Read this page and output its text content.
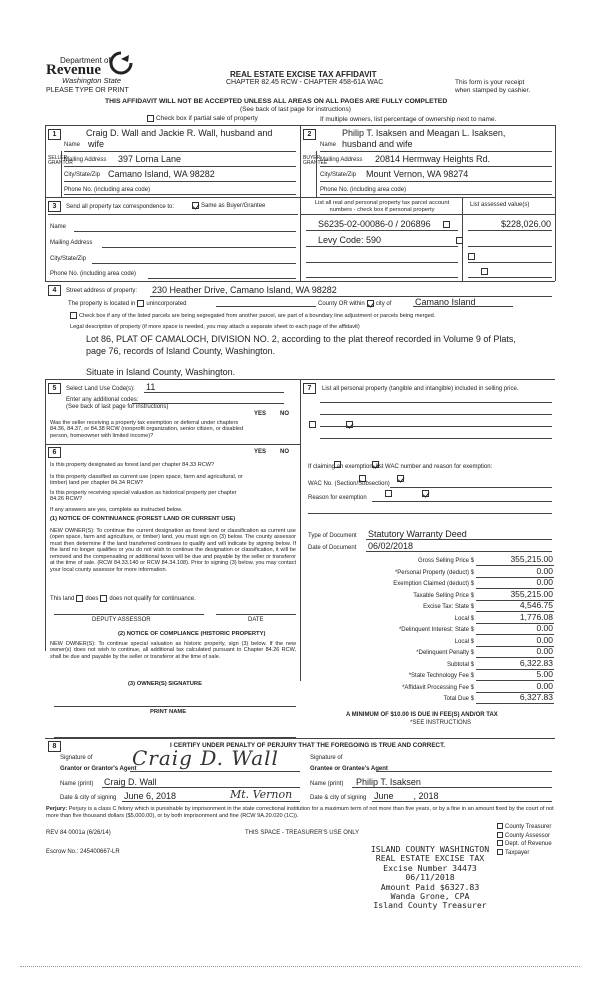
Department of
Revenue
Washington State
PLEASE TYPE OR PRINT
REAL ESTATE EXCISE TAX AFFIDAVIT
CHAPTER 82.45 RCW - CHAPTER 458-61A WAC	This form is your receipt
when stamped by cashier.
THIS AFFIDAVIT WILL NOT BE ACCEPTED UNLESS ALL AREAS ON ALL PAGES ARE FULLY COMPLETED
(See back of last page for instructions)
Check box if partial sale of property	If multiple owners, list percentage of ownership next to name.
1
SELLER GRANTOR
Craig D. Wall and Jackie R. Wall, husband and
Name wife
Mailing Address 397 Lorna Lane
City/State/Zip Camano Island, WA 98282
Phone No. (including area code)
2
BUYER GRANTEE
Philip T. Isaksen and Meagan L. Isaksen,
Name husband and wife
Mailing Address 20814 Hermway Heights Rd.
City/State/Zip Mount Vernon, WA 98274
Phone No. (including area code)
3	Send all property tax correspondence to:	Same as Buyer/Grantee
Name
Mailing Address
City/State/Zip
Phone No. (including area code)
List all real and personal property tax parcel account numbers - check box if personal property
List assessed value(s)
S6235-02-00086-0 / 206896	$228,026.00
Levy Code: 590

4	Street address of property: 230 Heather Drive, Camano Island, WA 98282
The property is located in unincorporated	County OR within city of	Camano Island
Check box if any of the listed parcels are being segregated from another parcel, are part of a boundary line adjustment or parcels being merged.
Legal description of property (if more space is needed, you may attach a separate sheet to each page of the affidavit)
Lot 86, PLAT OF CAMALOCH, DIVISION NO. 2, according to the plat thereof recorded in Volume 9 of Plats,
page 76, records of Island County, Washington.
Situate in Island County, Washington.
5	Select Land Use Code(s): 11
Enter any additional codes:
(See back of last page for instructions)
YES NO
Was the seller receiving a property tax exemption or deferral under chapters 84.36, 84.37, or 84.38 RCW (nonprofit organization, senior citizen, or disabled person, homeowner with limited income)?

6	YES NO
Is this property designated as forest land per chapter 84.33 RCW?

Is this property classified as current use (open space, farm and agricultural, or timber) land per chapter 84.34 RCW?

Is this property receiving special valuation as historical property per chapter 84.26 RCW?

If any answers are yes, complete as instructed below.
(1) NOTICE OF CONTINUANCE (FOREST LAND OR CURRENT USE)
NEW OWNER(S): To continue the current designation as forest land or classification as current use (open space, farm and agriculture, or timber) land, you must sign on (3) below. The county assessor must then determine if the land transferred continues to qualify and will indicate by signing below. If the land no longer qualifies or you do not wish to continue the designation or classification, it will be removed and the compensating or additional taxes will be due and payable by the seller or transferor at the time of sale. (RCW 84.33.140 or RCW 84.34.108). Prior to signing (3) below, you may contact your local county assessor for more information.
This land does does not qualify for continuance.
DEPUTY ASSESSOR	DATE
(2) NOTICE OF COMPLIANCE (HISTORIC PROPERTY)
NEW OWNER(S): To continue special valuation as historic property, sign (3) below. If the new owner(s) does not wish to continue, all additional tax calculated pursuant to Chapter 84.26 RCW, shall be due and payable by the seller or transferor at the time of sale.
(3) OWNER(S) SIGNATURE
PRINT NAME
7	List all personal property (tangible and intangible) included in selling price.
If claiming an exemption, list WAC number and reason for exemption:
WAC No. (Section/Subsection)
Reason for exemption
Type of Document Statutory Warranty Deed
Date of Document 06/02/2018
Gross Selling Price $	355,215.00
*Personal Property (deduct) $	0.00
Exemption Claimed (deduct) $	0.00
Taxable Selling Price $	355,215.00
Excise Tax: State $	4,546.75
Local $	1,776.08
*Delinquent Interest: State $	0.00
Local $	0.00
*Delinquent Penalty $	0.00
Subtotal $	6,322.83
*State Technology Fee $	5.00
*Affidavit Processing Fee $	0.00
Total Due $	6,327.83
A MINIMUM OF $10.00 IS DUE IN FEE(S) AND/OR TAX
*SEE INSTRUCTIONS
8	I CERTIFY UNDER PENALTY OF PERJURY THAT THE FOREGOING IS TRUE AND CORRECT.
Signature of
Grantor or Grantor's Agent
Craig D. Wall
Name (print) Craig D. Wall
Date & city of signing June 6, 2018	Mt. Vernon
Signature of
Grantee or Grantee's Agent
Name (print) Philip T. Isaksen
Date & city of signing June        , 2018
Perjury: Perjury is a class C felony which is punishable by imprisonment in the state correctional institution for a maximum term of not more than five years, or by a fine in an amount fixed by the court of not more than five thousand dollars ($5,000.00), or by both imprisonment and fine (RCW 9A.20.020 (1C)).
REV 84 0001a (6/26/14)	THIS SPACE - TREASURER'S USE ONLY
Escrow No.: 245400667-LR
County Treasurer
County Assessor
Dept. of Revenue
Taxpayer
ISLAND COUNTY WASHINGTON
REAL ESTATE EXCISE TAX
Excise Number 34473
06/11/2018
Amount Paid $6327.83
Wanda Grone, CPA
Island County Treasurer
